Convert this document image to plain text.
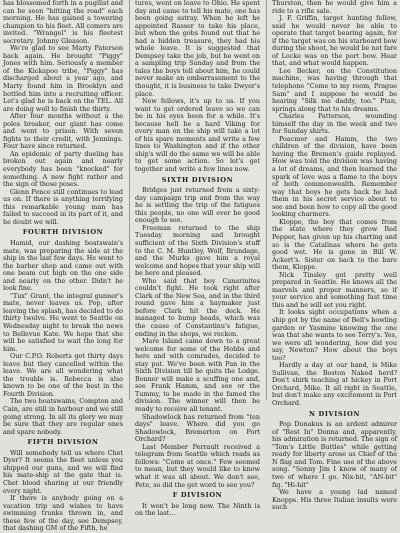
has blossomed forth in a pugilist and can be seen "hitting the road" each morning. He has gained a towering champion to his fleet. All comers are invited. "Wrangel" is his fleetest secretary. Johnny Gleason.

We're glad to see Marty Paterson back again. He brought "Piggy" Jones with him. Seriously a member of the Kickapoo tribe, "Piggy" has discharged about a year ago, and Marty found him in Brooklyn and bottled him into a recruiting officer. Let's glad he is back on the TEL. All are doing well to finish the thirty.

After four months without a the poles breaker, our giant has come and went to prison. With seven fights to their credit, with Jennings. Four have since returned.

An epidemic of party dueling has broken out again and nearly everybody has been "knocked" for something. A new fight rather and the sign of those poses.

Glenn Pence still continues to lead us on. If there is anything terrifying this remarkable young man has failed to succeed in its part of it, and he doubt we will.

FOURTH DIVISION

Hamid, our dashing boatswain's mate, was preparing the side at the ship in the last few days. He went to the barber shop and came out with one beam cut high on the one side and nearly on the other. Didn't he look fine.

"Tux" Grant, the integral gunner's mate, never leaves us. Pop, after leaving the splash, has decided to do thirty twelve. He went to Seattle on Wednesday night to break the news to Bellevue Kate. We hope that she will be satisfied to wait the long for him.

Our C.P.O. Roberts got thirty days leave but they cancelled within the leave. We are all wondering what the trouble is. Rebecca is also known to be one of the best in the Fourth Division.

The two boatswains, Compton and Cain, are still in harbour and we still going strong. In all its glory we may be sure that they are regular ones and spare nobody.

FIFTH DIVISION

Will somebody tell us where Chet Dyer? It seems the fleet unless you shipped our guns, and we will find his mate-ship at the gate that is. Chet blood sharing at our friendly every night.

If there is anybody going on a vacation trip and wishes to have swimming trunks thrown in, and these few of the day, see Dempsey, that dashing GM of the Fifth, he

tures, went on leave to Ohio. He spent day and came to tell his mate, one has been going astray. When he left he appointed Rasser to take his place, but when the gobs found out that he had a hidden treasure, they had his whole leave. It is suggested that Dempsey take the job, but he went on a sampling trip Sunday and from the tales the boys tell about him, he could never make an embarrassment to the thought, it is business to take Dwyer's place.

New fellows, it's up to us. If you want to get ordered leave so we can be in his eyes been for a while. It's because hell be a hard Viking for every man on the ship will take a lot of his spare moments and write a few lines to Washington and if the other ship's will do the same we will be able to get some action. So let's get together and write a few lines now.

SIXTH DIVISION

Bridges just returned from a sixty-day campaign trip and from the way he is settling the trip of the fatigues this people, no one will ever be good enough to see.

Freeman returned to the ship Tuesday morning and brought sufficient of the Sixth Division's stuff to the C. M. Huntley, Wolf, Brundage, and the Murks gave him a royal welcome and hopes that your ship will be here and pleased.

Who said that boy Canarinites couldn't fight. He took right after Clark of the New Sea, and in the third round gave him a haymaker just before Clark hit the deck. He managed to bump heads, which was the cause of Constantinu's fatigue, ending in the shops, we reckon.

Mare Island came down to a great welcome for some of the Hobbs and here and with comrades, decided to stay put. We've been with Pan in the Sixth Division till he quits the Lodge. Bonner will make a scuffing one and, see Frank Hamm, and see or the Tummy, to be made in the famed the division. The winner will then be ready to receive all tenant.

Shadowlock has returned from "ten days" leave. Where did you go Shadowlock, Bremerton on Port Orchard?

Last Member Perrault received a telegram from Seattle which reads as follows: "Come at once." Few seemed to mean, but they would like to know what it was all about. We don't see, Pete, so did the get word to see you?

F DIVISION

It won't be long now. The Ninth is on the last...

Thurston, then he would give him a ride to a rifle sale.

J. F. Griffin, target hunting fellow, said he would never be able to operate that target bearing again, for if the target was on his starboard bow during the shoot, he would be not fare of Locke was on the port bow. Hear that, and what would happen.

Lee Becker, on the Constitution machine, was having through that telephone "Come to my room, Prague Sam" and I suppose he would be hearing "Silk me daddy, too." Ptan, springs along that to his dreams.

Charles Patterson, wounding himself the day in the week and two for Sunday shirts.

Poacmer and Hamm, the two children of the division, have been having the Bremen's guide replayed. How was told the division was having a lot of dreams, and then learned the spark of love was a flame to the boys of both commonwealth. Remember way that boys he gets back he had them in his secret service about to see and been how to copy all the good looking charmers.

Kloppe, the boy that comes from the state where they grow Red Pepper, has given up his charting and so is the Catalinas where he gets good wet. He is gone in Bill W. Ackert's. Sister on back to the bare them, Kloppe.

Nick Tinsley got pretty well prepared in Seattle. He knows all the marvels and proper manners, so if your service and something fast time this and he will set you right.

It looks sight occupations when a ship got by the name of Bell's bowling garden or Yasmine knowing the one was that she wants to see Terry's. Yes, we were all wondering, how did you say, Newton? How about the boys too?

Hardly a day at our hand, is Mike Sullivan, the Boston Naked herd? Don't shirk teaching at hickey in Port Orchard, Mike. It all right in Seattle, but don't make any excitement in Port Orchard.

N DIVISION

Pop Dunakus is an ardent admirer of "Rest In" Donna and, apparently, his admiration is returned. The sign of "Tom's Little Buttles" while getting ready for liberty arose as Chief of the N flag and Tom. Fine use of the above song. "Sonny Jim I know of many of two of where I go. Nix-hit, "AN-bit" fig. "Hi-hit"

We have a young lad named Knopps. His three Italian insults were such
